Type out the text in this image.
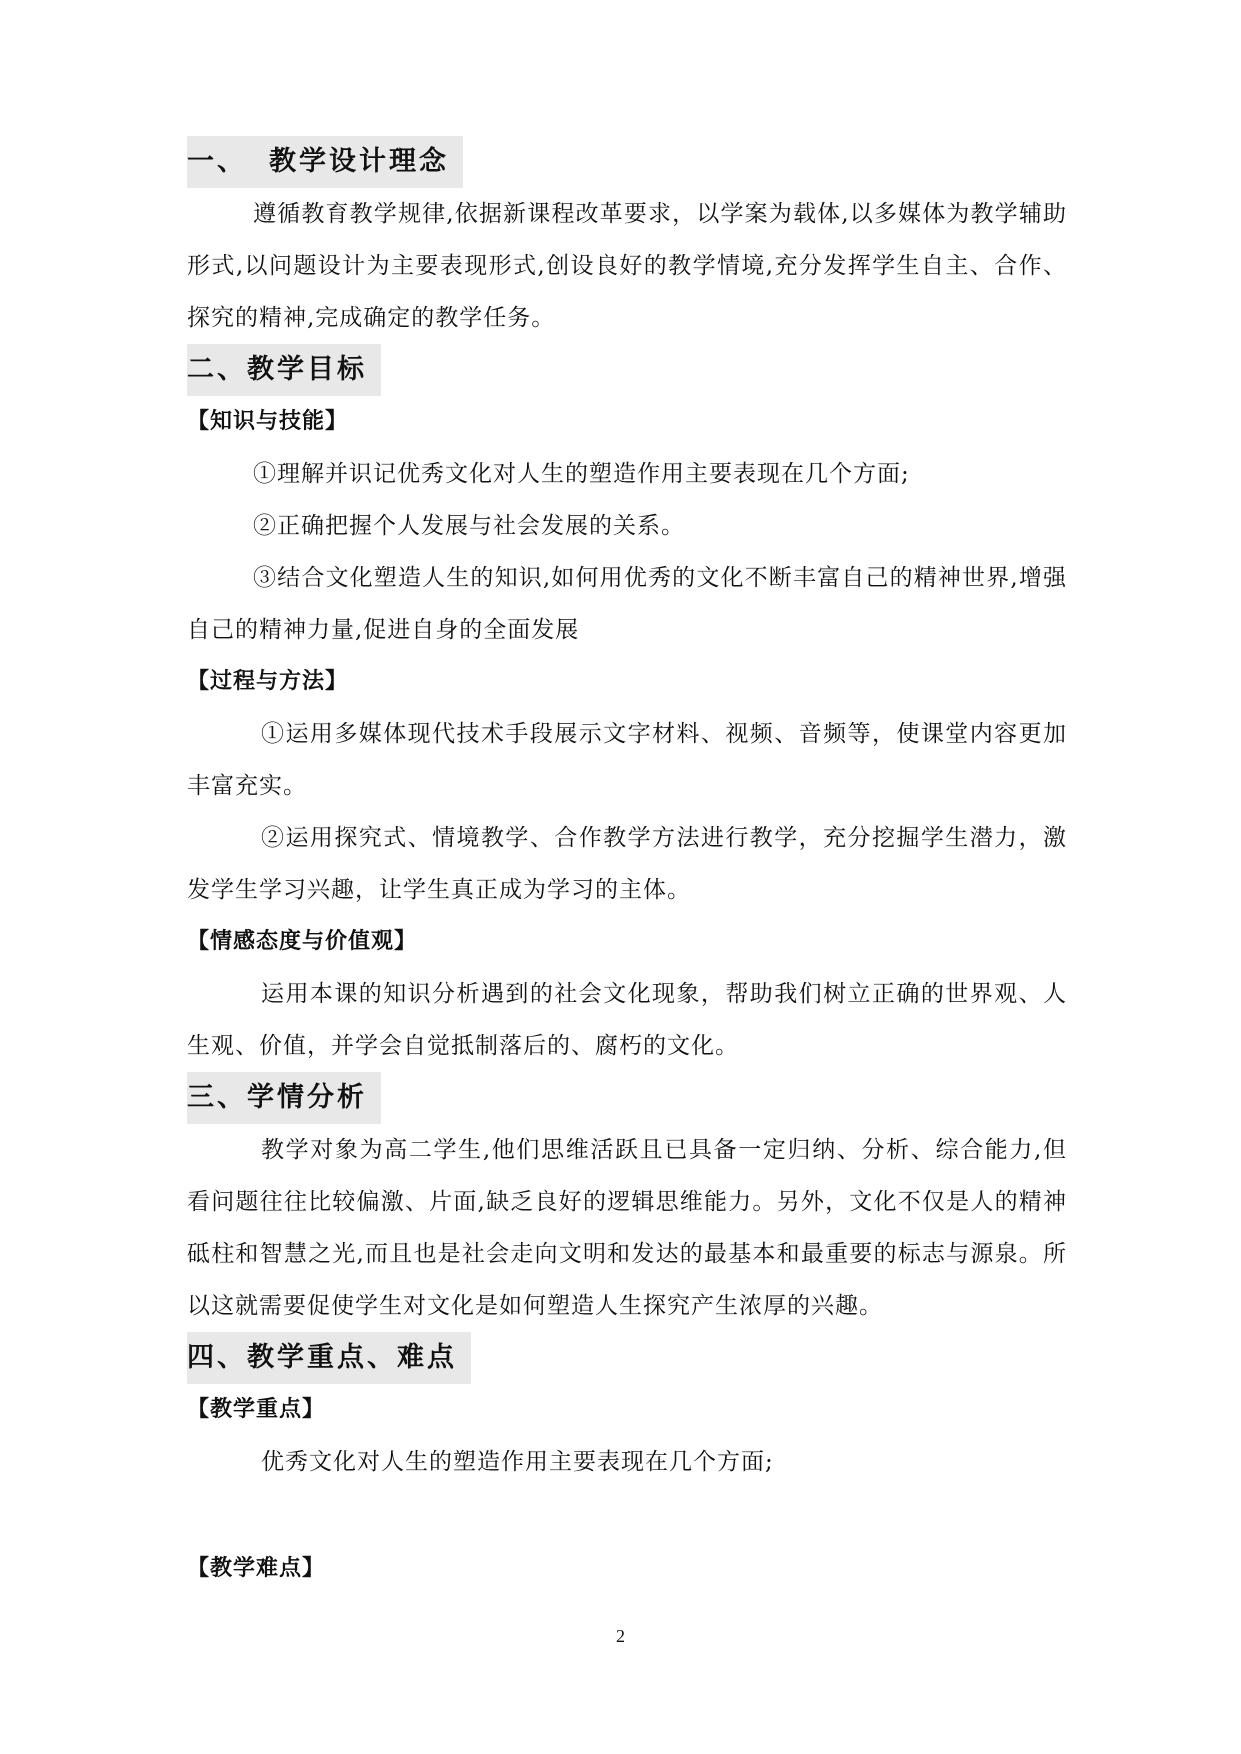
一、 教学设计理念

遵循教育教学规律,依据新课程改革要求，以学案为载体,以多媒体为教学辅助形式,以问题设计为主要表现形式,创设良好的教学情境,充分发挥学生自主、合作、探究的精神,完成确定的教学任务。

二、教学目标

【知识与技能】

①理解并识记优秀文化对人生的塑造作用主要表现在几个方面;

②正确把握个人发展与社会发展的关系。

③结合文化塑造人生的知识,如何用优秀的文化不断丰富自己的精神世界,增强自己的精神力量,促进自身的全面发展

【过程与方法】

①运用多媒体现代技术手段展示文字材料、视频、音频等，使课堂内容更加丰富充实。

②运用探究式、情境教学、合作教学方法进行教学，充分挖掘学生潜力，激发学生学习兴趣，让学生真正成为学习的主体。

【情感态度与价值观】

运用本课的知识分析遇到的社会文化现象，帮助我们树立正确的世界观、人生观、价值，并学会自觉抵制落后的、腐朽的文化。

三、学情分析

教学对象为高二学生,他们思维活跃且已具备一定归纳、分析、综合能力,但看问题往往比较偏激、片面,缺乏良好的逻辑思维能力。另外，文化不仅是人的精神砥柱和智慧之光,而且也是社会走向文明和发达的最基本和最重要的标志与源泉。所以这就需要促使学生对文化是如何塑造人生探究产生浓厚的兴趣。

四、教学重点、难点

【教学重点】

优秀文化对人生的塑造作用主要表现在几个方面;

【教学难点】

2
